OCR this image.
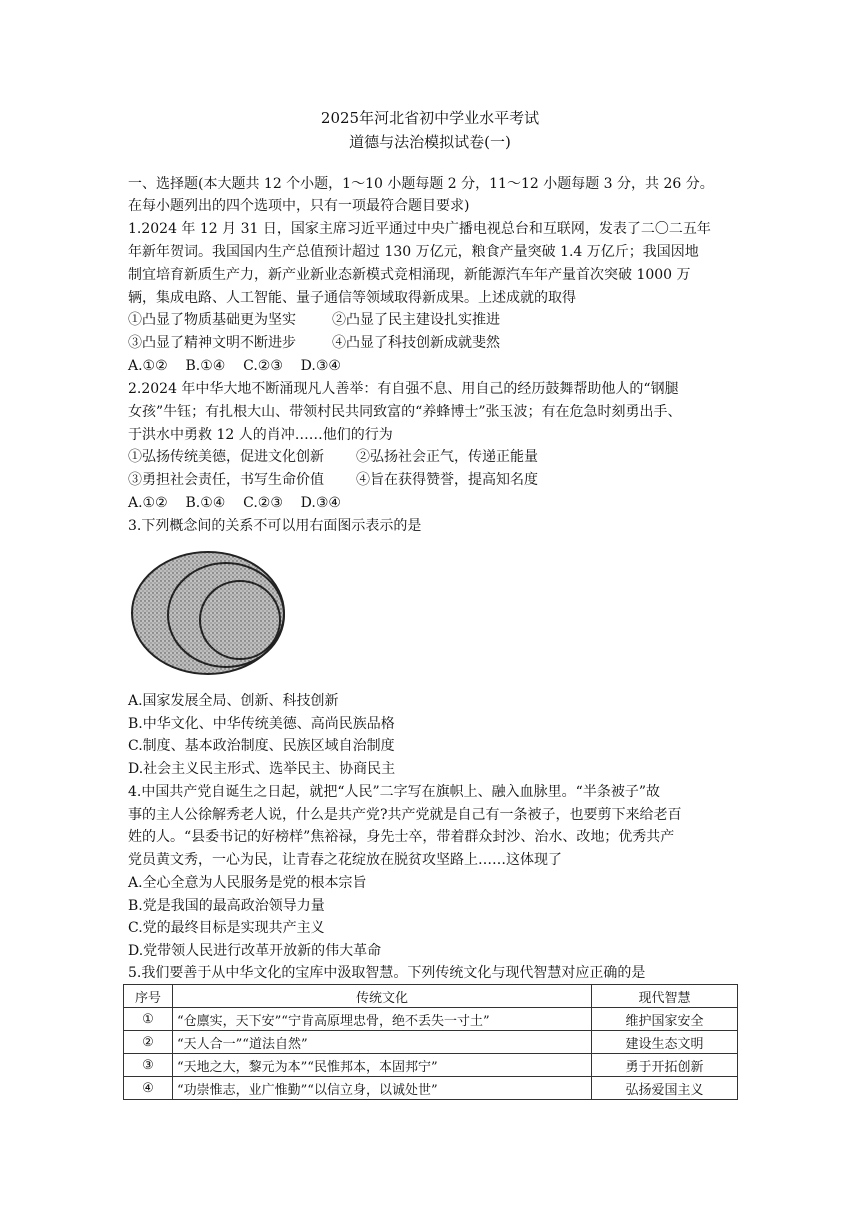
2025年河北省初中学业水平考试
道德与法治模拟试卷(一)
一、选择题(本大题共 12 个小题，1～10 小题每题 2 分，11～12 小题每题 3 分，共 26 分。
在每小题列出的四个选项中，只有一项最符合题目要求)
1.2024 年 12 月 31 日，国家主席习近平通过中央广播电视总台和互联网，发表了二〇二五年
年新年贺词。我国国内生产总值预计超过 130 万亿元，粮食产量突破 1.4 万亿斤；我国因地
制宜培育新质生产力，新产业新业态新模式竞相涌现，新能源汽车年产量首次突破 1000 万
辆，集成电路、人工智能、量子通信等领域取得新成果。上述成就的取得
①凸显了物质基础更为坚实	②凸显了民主建设扎实推进
③凸显了精神文明不断进步	④凸显了科技创新成就斐然
A.①②    B.①④    C.②③    D.③④
2.2024 年中华大地不断涌现凡人善举：有自强不息、用自己的经历鼓舞帮助他人的“钢腿
女孩”牛钰；有扎根大山、带领村民共同致富的“养蜂博士”张玉波；有在危急时刻勇出手、
于洪水中勇救 12 人的肖冲……他们的行为
①弘扬传统美德，促进文化创新	②弘扬社会正气，传递正能量
③勇担社会责任，书写生命价值	④旨在获得赞誉，提高知名度
A.①②    B.①④    C.②③    D.③④
3.下列概念间的关系不可以用右面图示表示的是
A.国家发展全局、创新、科技创新
B.中华文化、中华传统美德、高尚民族品格
C.制度、基本政治制度、民族区域自治制度
D.社会主义民主形式、选举民主、协商民主
4.中国共产党自诞生之日起，就把“人民”二字写在旗帜上、融入血脉里。“半条被子”故
事的主人公徐解秀老人说，什么是共产党?共产党就是自己有一条被子，也要剪下来给老百
姓的人。“县委书记的好榜样”焦裕禄，身先士卒，带着群众封沙、治水、改地；优秀共产
党员黄文秀，一心为民，让青春之花绽放在脱贫攻坚路上……这体现了
A.全心全意为人民服务是党的根本宗旨
B.党是我国的最高政治领导力量
C.党的最终目标是实现共产主义
D.党带领人民进行改革开放新的伟大革命
5.我们要善于从中华文化的宝库中汲取智慧。下列传统文化与现代智慧对应正确的是
序号	传统文化	现代智慧
①	“仓廪实，天下安”“宁肯高原埋忠骨，绝不丢失一寸土”	维护国家安全
②	“天人合一”“道法自然”	建设生态文明
③	“天地之大，黎元为本”“民惟邦本，本固邦宁”	勇于开拓创新
④	“功崇惟志，业广惟勤”“以信立身，以诚处世”	弘扬爱国主义
